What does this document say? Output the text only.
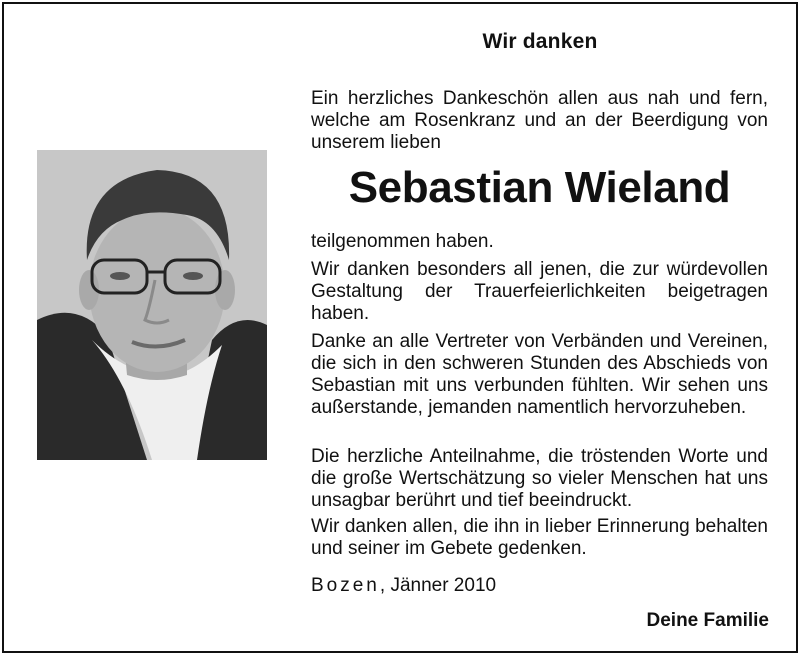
Wir danken
Ein herzliches Dankeschön allen aus nah und fern, welche am Rosenkranz und an der Beerdigung von unserem lieben
Sebastian Wieland
teilgenommen haben.
Wir danken besonders all jenen, die zur würdevollen Gestaltung der Trauerfeierlichkeiten beigetragen haben.
Danke an alle Vertreter von Verbänden und Vereinen, die sich in den schweren Stunden des Abschieds von Sebastian mit uns verbunden fühlten. Wir sehen uns außerstande, jemanden namentlich hervorzuheben.
Die herzliche Anteilnahme, die tröstenden Worte und die große Wertschätzung so vieler Menschen hat uns unsagbar berührt und tief beeindruckt.
Wir danken allen, die ihn in lieber Erinnerung behalten und seiner im Gebete gedenken.
Bozen, Jänner 2010
Deine Familie
